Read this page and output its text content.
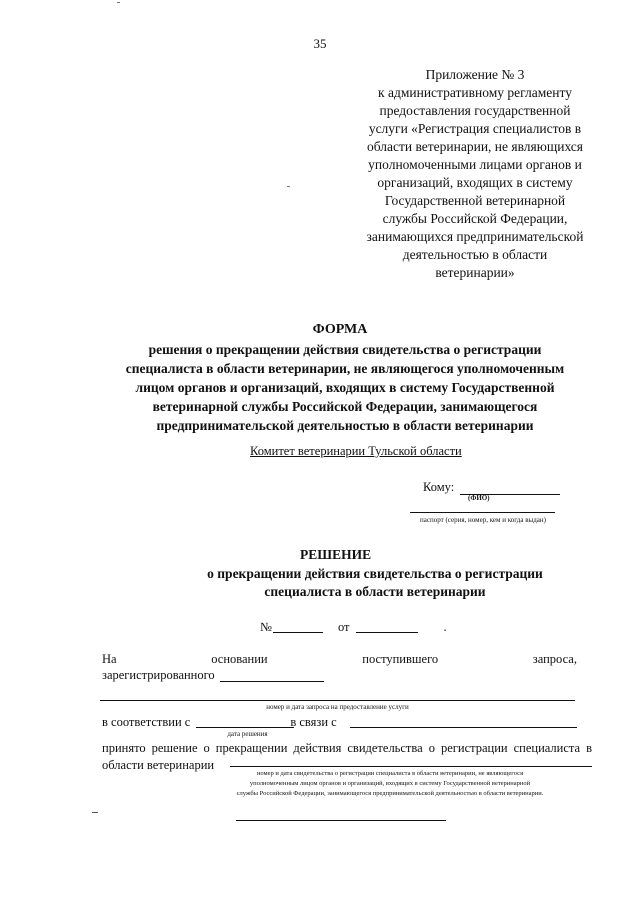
35
Приложение № 3
к административному регламенту
предоставления государственной
услуги «Регистрация специалистов в
области ветеринарии, не являющихся
уполномоченными лицами органов и
организаций, входящих в систему
Государственной ветеринарной
службы Российской Федерации,
занимающихся предпринимательской
деятельностью в области
ветеринарии»
ФОРМА
решения о прекращении действия свидетельства о регистрации
специалиста в области ветеринарии, не являющегося уполномоченным
лицом органов и организаций, входящих в систему Государственной
ветеринарной службы Российской Федерации, занимающегося
предпринимательской деятельностью в области ветеринарии
Комитет ветеринарии Тульской области
Кому:
(ФИО)
паспорт (серия, номер, кем и когда выдан)
РЕШЕНИЕ
о прекращении действия свидетельства о регистрации
специалиста в области ветеринарии
№	от	.
На	основании	поступившего	запроса,
зарегистрированного
номер и дата запроса на предоставление услуги
в соответствии с	в связи с
дата решения
принято решение о прекращении действия свидетельства о регистрации специалиста в области ветеринарии
номер и дата свидетельства о регистрации специалиста в области ветеринарии, не являющегося
уполномоченным лицом органов и организаций, входящих в систему Государственной ветеринарной
службы Российской Федерации, занимающегося предпринимательской деятельностью в области ветеринарии.
